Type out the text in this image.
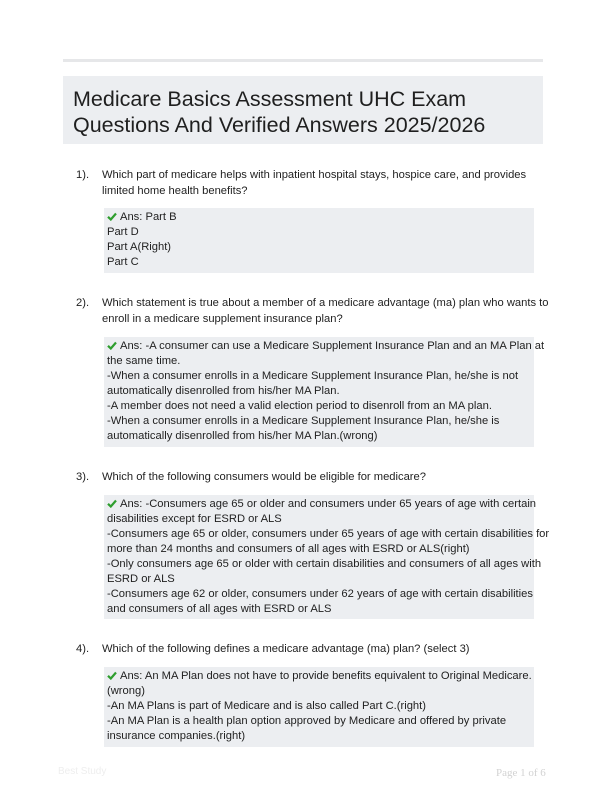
Medicare Basics Assessment UHC Exam
Questions And Verified Answers 2025/2026
1). Which part of medicare helps with inpatient hospital stays, hospice care, and provides
limited home health benefits?
Ans: Part B
Part D
Part A(Right)
Part C
2). Which statement is true about a member of a medicare advantage (ma) plan who wants to
enroll in a medicare supplement insurance plan?
Ans: -A consumer can use a Medicare Supplement Insurance Plan and an MA Plan at
the same time.
-When a consumer enrolls in a Medicare Supplement Insurance Plan, he/she is not
automatically disenrolled from his/her MA Plan.
-A member does not need a valid election period to disenroll from an MA plan.
-When a consumer enrolls in a Medicare Supplement Insurance Plan, he/she is
automatically disenrolled from his/her MA Plan.(wrong)
3). Which of the following consumers would be eligible for medicare?
Ans: -Consumers age 65 or older and consumers under 65 years of age with certain
disabilities except for ESRD or ALS
-Consumers age 65 or older, consumers under 65 years of age with certain disabilities for
more than 24 months and consumers of all ages with ESRD or ALS(right)
-Only consumers age 65 or older with certain disabilities and consumers of all ages with
ESRD or ALS
-Consumers age 62 or older, consumers under 62 years of age with certain disabilities
and consumers of all ages with ESRD or ALS
4). Which of the following defines a medicare advantage (ma) plan? (select 3)
Ans: An MA Plan does not have to provide benefits equivalent to Original Medicare.
(wrong)
-An MA Plans is part of Medicare and is also called Part C.(right)
-An MA Plan is a health plan option approved by Medicare and offered by private
insurance companies.(right)
Best Study	Page 1 of 6
